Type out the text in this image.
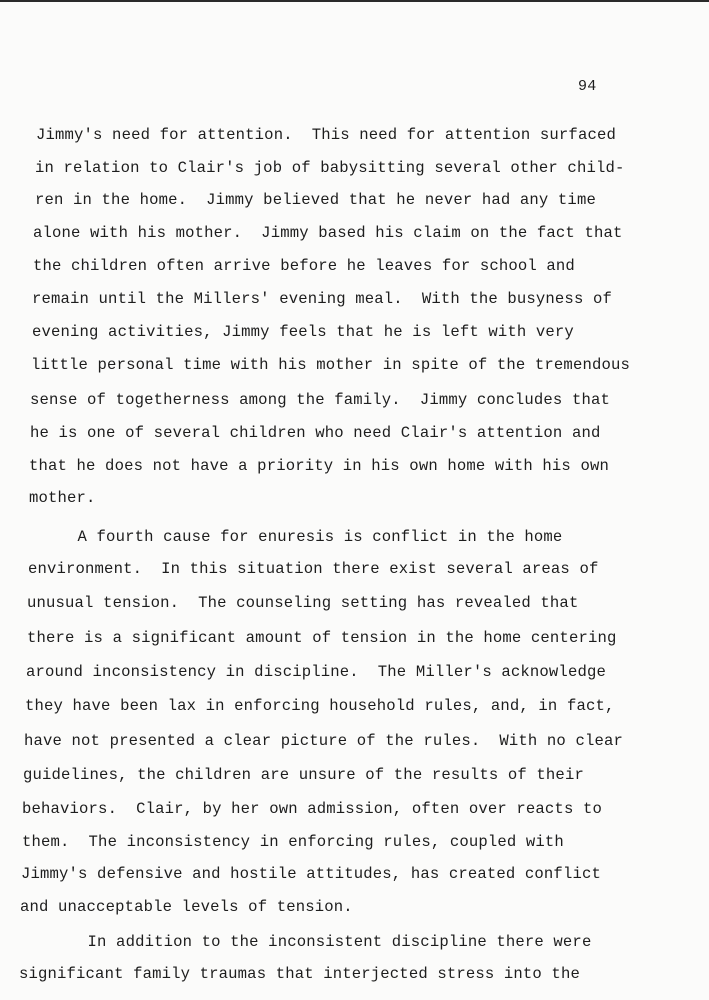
94
Jimmy's need for attention.  This need for attention surfaced
in relation to Clair's job of babysitting several other child-
ren in the home.  Jimmy believed that he never had any time
alone with his mother.  Jimmy based his claim on the fact that
the children often arrive before he leaves for school and
remain until the Millers' evening meal.  With the busyness of
evening activities, Jimmy feels that he is left with very
little personal time with his mother in spite of the tremendous
sense of togetherness among the family.  Jimmy concludes that
he is one of several children who need Clair's attention and
that he does not have a priority in his own home with his own
mother.
A fourth cause for enuresis is conflict in the home
environment.  In this situation there exist several areas of
unusual tension.  The counseling setting has revealed that
there is a significant amount of tension in the home centering
around inconsistency in discipline.  The Miller's acknowledge
they have been lax in enforcing household rules, and, in fact,
have not presented a clear picture of the rules.  With no clear
guidelines, the children are unsure of the results of their
behaviors.  Clair, by her own admission, often over reacts to
them.  The inconsistency in enforcing rules, coupled with
Jimmy's defensive and hostile attitudes, has created conflict
and unacceptable levels of tension.
In addition to the inconsistent discipline there were
significant family traumas that interjected stress into the
